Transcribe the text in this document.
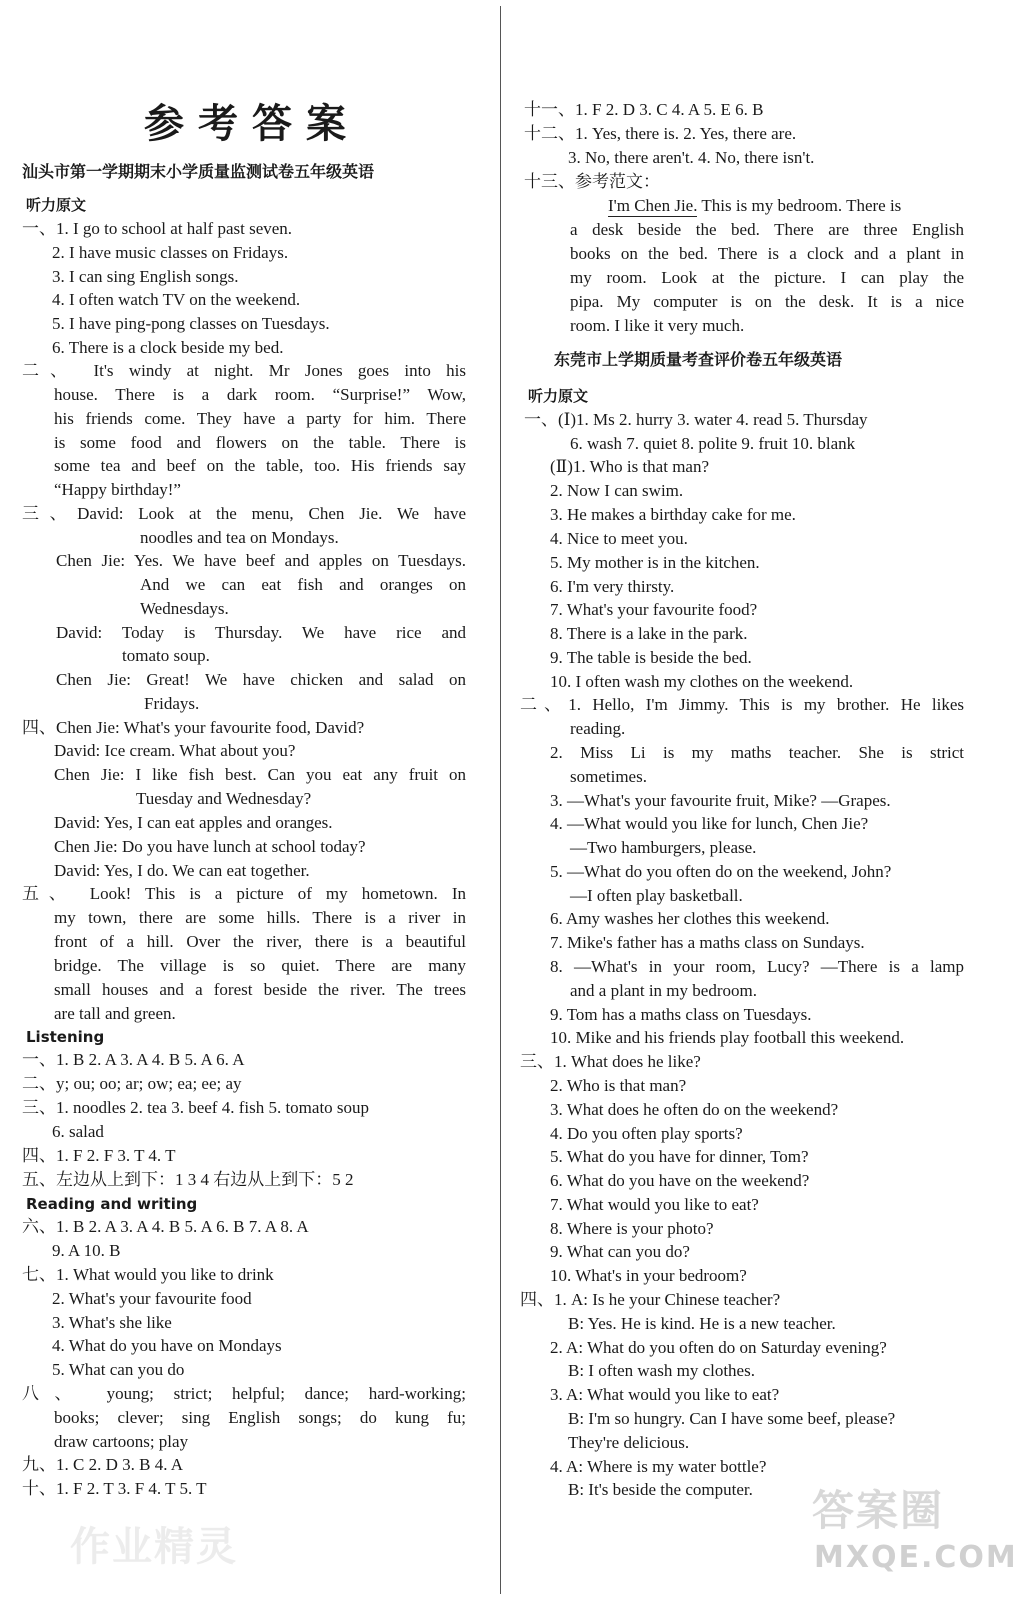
参考答案
汕头市第一学期期末小学质量监测试卷五年级英语
听力原文
一、1. I go to school at half past seven.
2. I have music classes on Fridays.
3. I can sing English songs.
4. I often watch TV on the weekend.
5. I have ping-pong classes on Tuesdays.
6. There is a clock beside my bed.
二、 It's windy at night. Mr Jones goes into his
house. There is a dark room. “Surprise!” Wow,
his friends come. They have a party for him. There
is some food and flowers on the table. There is
some tea and beef on the table, too. His friends say
“Happy birthday!”
三、David: Look at the menu, Chen Jie. We have
noodles and tea on Mondays.
Chen Jie: Yes. We have beef and apples on Tuesdays.
And we can eat fish and oranges on
Wednesdays.
David: Today is Thursday. We have rice and
tomato soup.
Chen Jie: Great! We have chicken and salad on
Fridays.
四、Chen Jie: What's your favourite food, David?
David: Ice cream. What about you?
Chen Jie: I like fish best. Can you eat any fruit on
Tuesday and Wednesday?
David: Yes, I can eat apples and oranges.
Chen Jie: Do you have lunch at school today?
David: Yes, I do. We can eat together.
五、 Look! This is a picture of my hometown. In
my town, there are some hills. There is a river in
front of a hill. Over the river, there is a beautiful
bridge. The village is so quiet. There are many
small houses and a forest beside the river. The trees
are tall and green.
Listening
一、1. B 2. A 3. A 4. B 5. A 6. A
二、y; ou; oo; ar; ow; ea; ee; ay
三、1. noodles 2. tea 3. beef 4. fish 5. tomato soup
6. salad
四、1. F 2. F 3. T 4. T
五、左边从上到下：1 3 4 右边从上到下：5 2
Reading and writing
六、1. B 2. A 3. A 4. B 5. A 6. B 7. A 8. A
9. A 10. B
七、1. What would you like to drink
2. What's your favourite food
3. What's she like
4. What do you have on Mondays
5. What can you do
八、 young; strict; helpful; dance; hard-working;
books; clever; sing English songs; do kung fu;
draw cartoons; play
九、1. C 2. D 3. B 4. A
十、1. F 2. T 3. F 4. T 5. T
十一、1. F 2. D 3. C 4. A 5. E 6. B
十二、1. Yes, there is. 2. Yes, there are.
3. No, there aren't. 4. No, there isn't.
十三、参考范文：
I'm Chen Jie. This is my bedroom. There is
a desk beside the bed. There are three English
books on the bed. There is a clock and a plant in
my room. Look at the picture. I can play the
pipa. My computer is on the desk. It is a nice
room. I like it very much.
东莞市上学期质量考查评价卷五年级英语
听力原文
一、(Ⅰ)1. Ms 2. hurry 3. water 4. read 5. Thursday
6. wash 7. quiet 8. polite 9. fruit 10. blank
(Ⅱ)1. Who is that man?
2. Now I can swim.
3. He makes a birthday cake for me.
4. Nice to meet you.
5. My mother is in the kitchen.
6. I'm very thirsty.
7. What's your favourite food?
8. There is a lake in the park.
9. The table is beside the bed.
10. I often wash my clothes on the weekend.
二、1. Hello, I'm Jimmy. This is my brother. He likes
reading.
2. Miss Li is my maths teacher. She is strict
sometimes.
3. —What's your favourite fruit, Mike? —Grapes.
4. —What would you like for lunch, Chen Jie?
—Two hamburgers, please.
5. —What do you often do on the weekend, John?
—I often play basketball.
6. Amy washes her clothes this weekend.
7. Mike's father has a maths class on Sundays.
8. —What's in your room, Lucy? —There is a lamp
and a plant in my bedroom.
9. Tom has a maths class on Tuesdays.
10. Mike and his friends play football this weekend.
三、1. What does he like?
2. Who is that man?
3. What does he often do on the weekend?
4. Do you often play sports?
5. What do you have for dinner, Tom?
6. What do you have on the weekend?
7. What would you like to eat?
8. Where is your photo?
9. What can you do?
10. What's in your bedroom?
四、1. A: Is he your Chinese teacher?
B: Yes. He is kind. He is a new teacher.
2. A: What do you often do on Saturday evening?
B: I often wash my clothes.
3. A: What would you like to eat?
B: I'm so hungry. Can I have some beef, please?
They're delicious.
4. A: Where is my water bottle?
B: It's beside the computer.
作业精灵
答案圈
MXQE.COM
